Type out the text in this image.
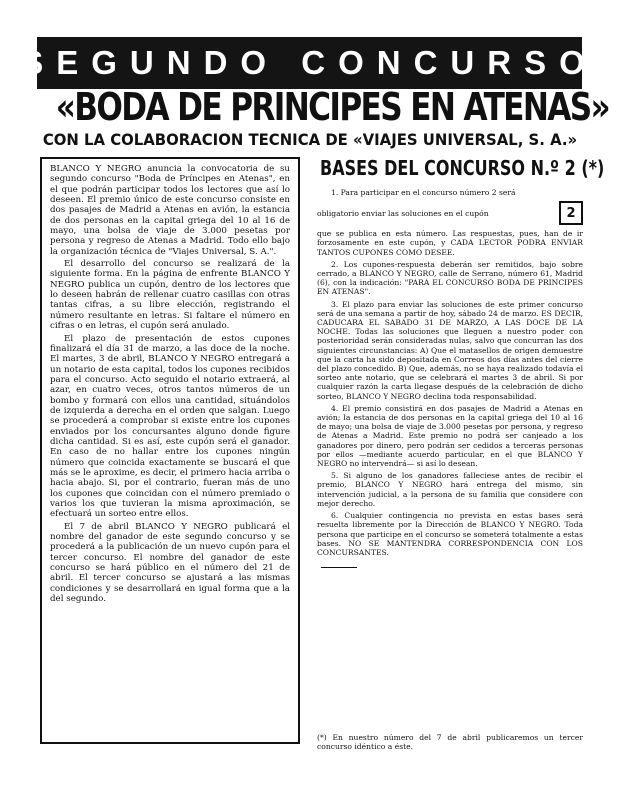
SEGUNDO CONCURSO
«BODA DE PRINCIPES EN ATENAS»
CON LA COLABORACION TECNICA DE «VIAJES UNIVERSAL, S. A.»

BLANCO Y NEGRO anuncia la convocatoria de su segundo concurso "Boda de Príncipes en Atenas", en el que podrán participar todos los lectores que así lo deseen. El premio único de este concurso consiste en dos pasajes de Madrid a Atenas en avión, la estancia de dos personas en la capital griega del 10 al 16 de mayo, una bolsa de viaje de 3.000 pesetas por persona y regreso de Atenas a Madrid. Todo ello bajo la organización técnica de "Viajes Universal, S. A.".

El desarrollo del concurso se realizará de la siguiente forma. En la página de enfrente BLANCO Y NEGRO publica un cupón, dentro de los lectores que lo deseen habrán de rellenar cuatro casillas con otras tantas cifras, a su libre elección, registrando el número resultante en letras. Si faltare el número en cifras o en letras, el cupón será anulado.

El plazo de presentación de estos cupones finalizará el día 31 de marzo, a las doce de la noche. El martes, 3 de abril, BLANCO Y NEGRO entregará a un notario de esta capital, todos los cupones recibidos para el concurso. Acto seguido el notario extraerá, al azar, en cuatro veces, otros tantos números de un bombo y formará con ellos una cantidad, situándolos de izquierda a derecha en el orden que salgan. Luego se procederá a comprobar si existe entre los cupones enviados por los concursantes alguno donde figure dicha cantidad. Si es así, este cupón será el ganador. En caso de no hallar entre los cupones ningún número que coincida exactamente se buscará el que más se le aproxime, es decir, el primero hacia arriba o hacia abajo. Si, por el contrario, fueran más de uno los cupones que coincidan con el número premiado o varios los que tuvieran la misma aproximación, se efectuará un sorteo entre ellos.

El 7 de abril BLANCO Y NEGRO publicará el nombre del ganador de este segundo concurso y se procederá a la publicación de un nuevo cupón para el tercer concurso. El nombre del ganador de este concurso se hará público en el número del 21 de abril. El tercer concurso se ajustará a las mismas condiciones y se desarrollará en igual forma que a la del segundo.

BASES DEL CONCURSO N.º 2 (*)

1. Para participar en el concurso número 2 será

obligatorio enviar las soluciones en el cupón	2

que se publica en esta número. Las respuestas, pues, han de ir forzosamente en este cupón, y CADA LECTOR PODRA ENVIAR TANTOS CUPONES COMO DESEE.

2. Los cupones-respuesta deberán ser remitidos, bajo sobre cerrado, a BLANCO Y NEGRO, calle de Serrano, número 61, Madrid (6), con la indicación: "PARA EL CONCURSO BODA DE PRINCIPES EN ATENAS".

3. El plazo para enviar las soluciones de este primer concurso será de una semana a partir de hoy, sábado 24 de marzo. ES DECIR, CADUCARA EL SABADO 31 DE MARZO, A LAS DOCE DE LA NOCHE. Todas las soluciones que lleguen a nuestro poder con posterioridad serán consideradas nulas, salvo que concurran las dos siguientes circunstancias: A) Que el matasellos de origen demuestre que la carta ha sido depositada en Correos dos días antes del cierre del plazo concedido. B) Que, además, no se haya realizado todavía el sorteo ante notario, que se celebrará el martes 3 de abril. Si por cualquier razón la carta llegase después de la celebración de dicho sorteo, BLANCO Y NEGRO declina toda responsabilidad.

4. El premio consistirá en dos pasajes de Madrid a Atenas en avión; la estancia de dos personas en la capital griega del 10 al 16 de mayo; una bolsa de viaje de 3.000 pesetas por persona, y regreso de Atenas a Madrid. Este premio no podrá ser canjeado a los ganadores por dinero, pero podrán ser cedidos a terceras personas por ellos —mediante acuerdo particular, en el que BLANCO Y NEGRO no intervendrá— si así lo desean.

5. Si alguno de los ganadores falleciese antes de recibir el premio, BLANCO Y NEGRO hará entrega del mismo, sin intervención judicial, a la persona de su familia que considere con mejor derecho.

6. Cualquier contingencia no prevista en estas bases será resuelta libremente por la Dirección de BLANCO Y NEGRO. Toda persona que participe en el concurso se someterá totalmente a estas bases. NO SE MANTENDRA CORRESPONDENCIA CON LOS CONCURSANTES.

(*) En nuestro número del 7 de abril publicaremos un tercer concurso idéntico a éste.
